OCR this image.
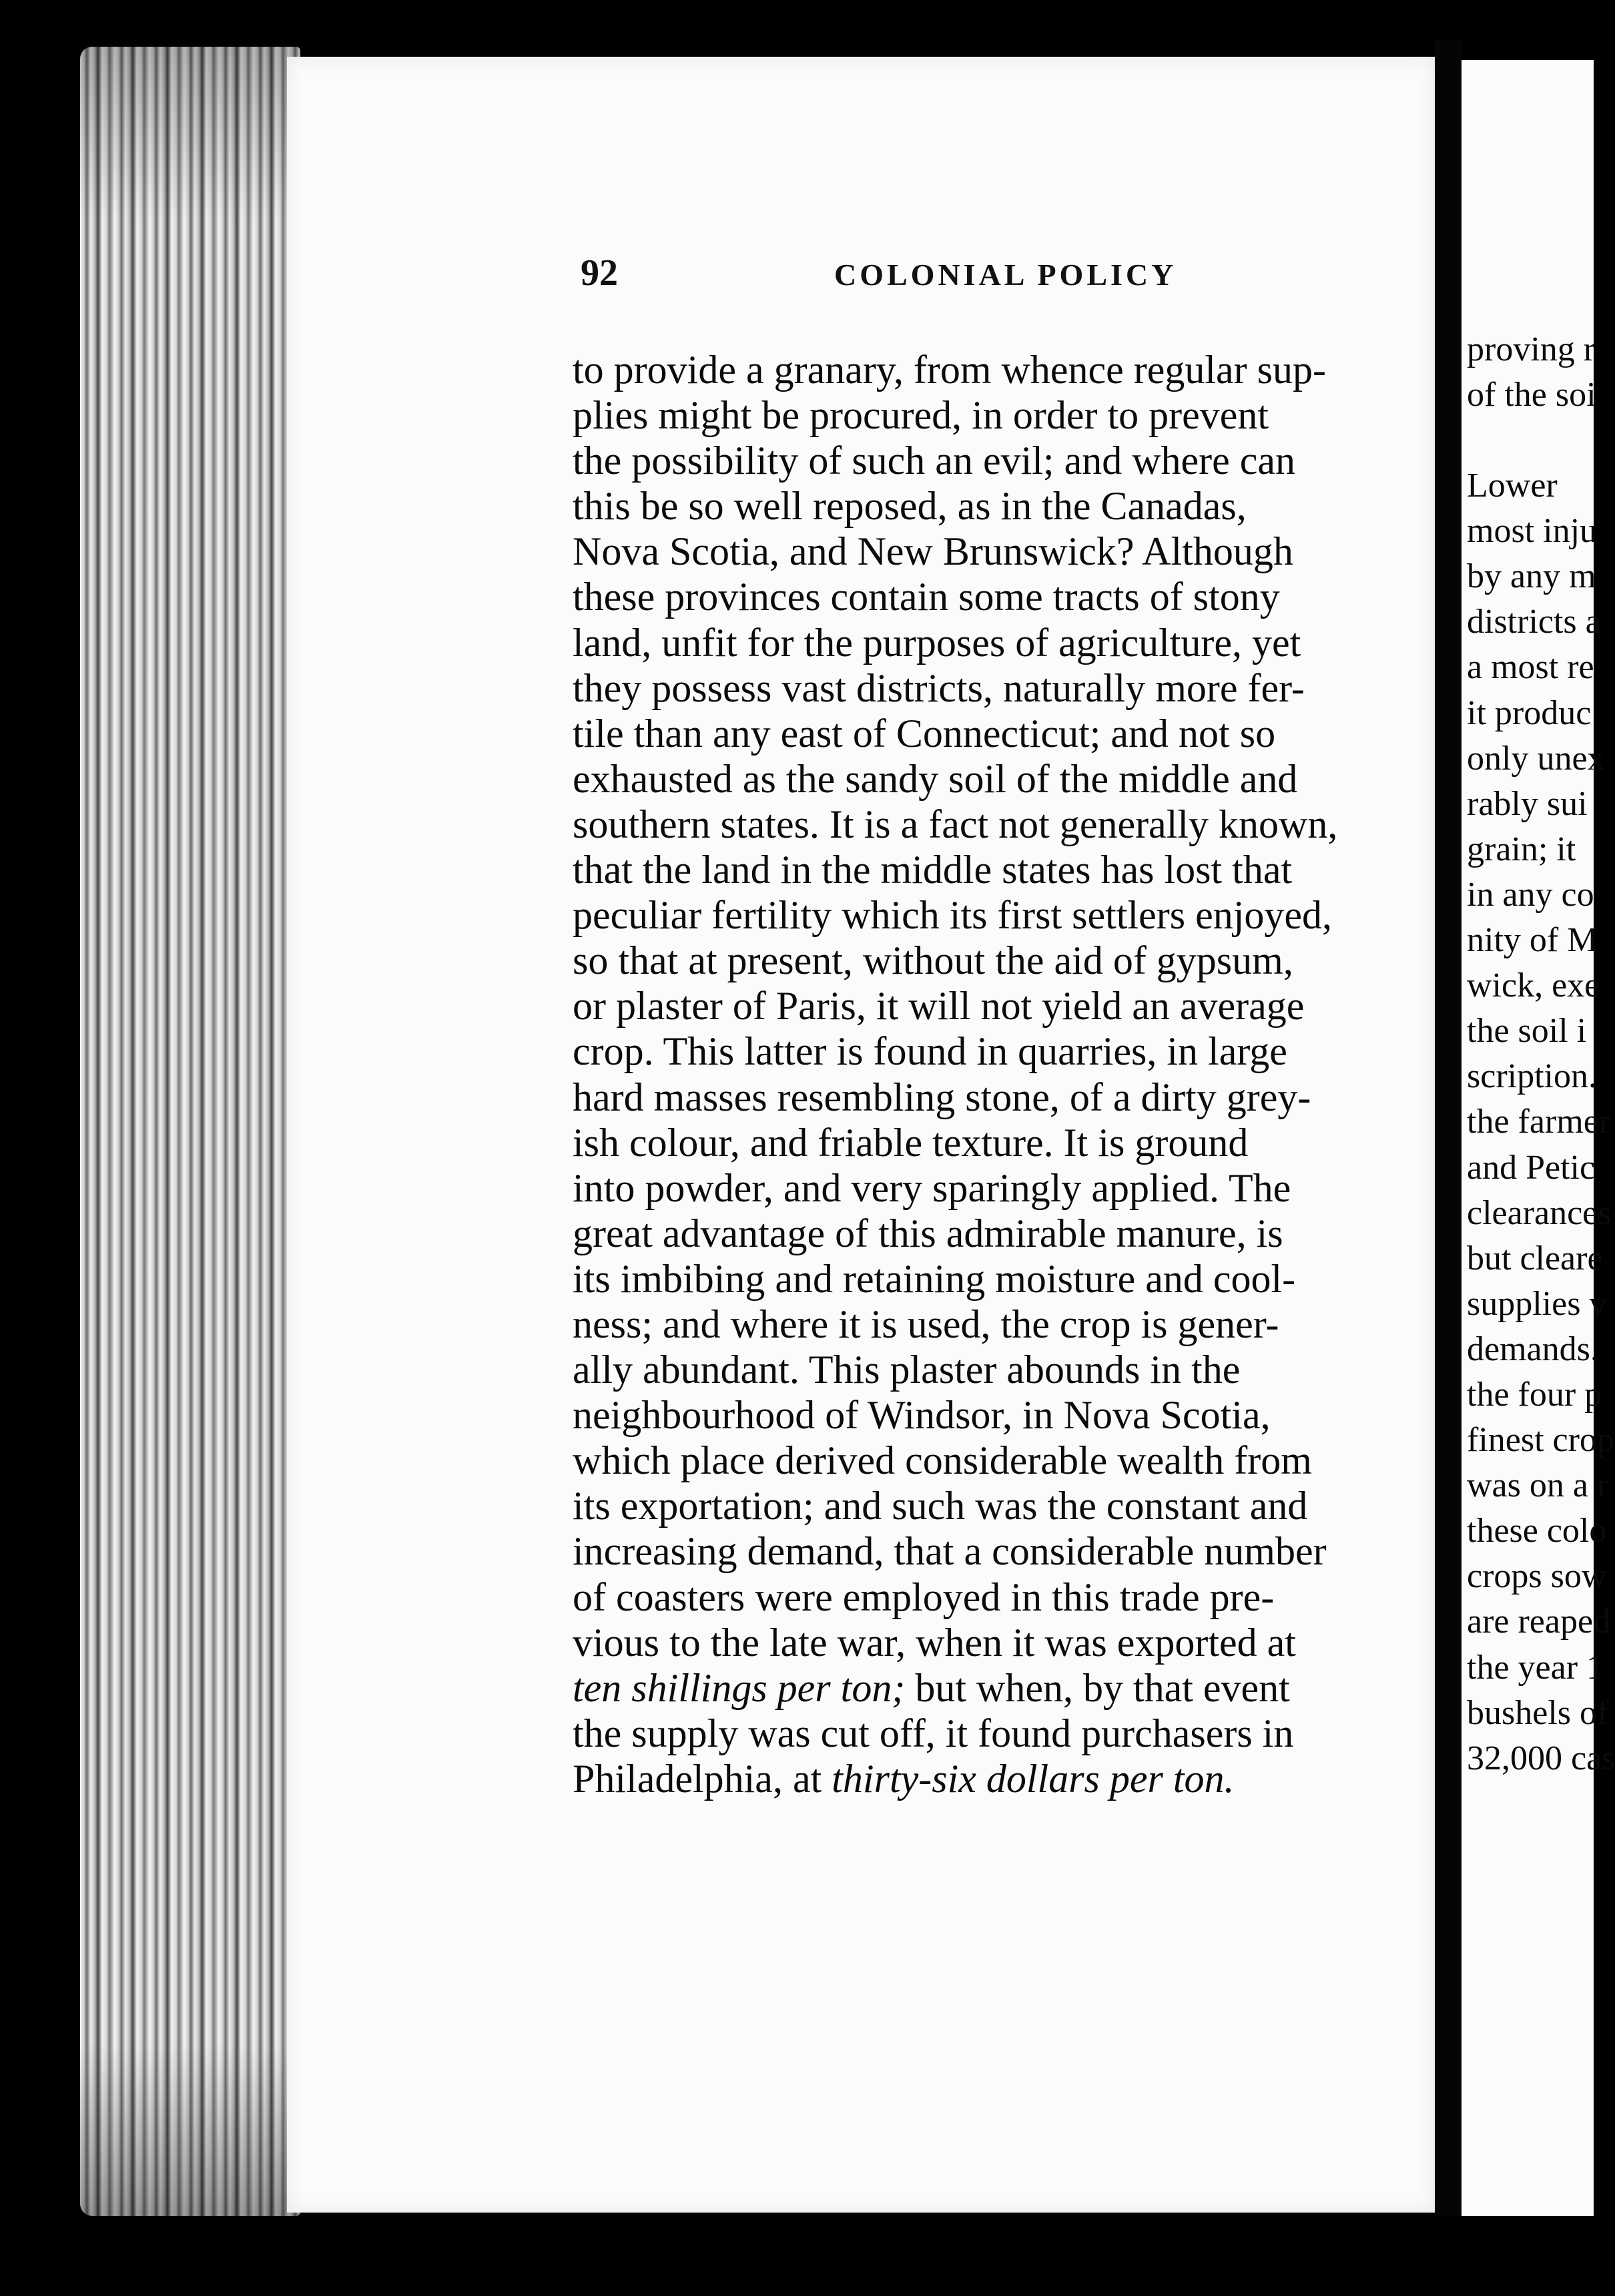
92	COLONIAL POLICY
to provide a granary, from whence regular sup-
plies might be procured, in order to prevent
the possibility of such an evil; and where can
this be so well reposed, as in the Canadas,
Nova Scotia, and New Brunswick? Although
these provinces contain some tracts of stony
land, unfit for the purposes of agriculture, yet
they possess vast districts, naturally more fer-
tile than any east of Connecticut; and not so
exhausted as the sandy soil of the middle and
southern states. It is a fact not generally known,
that the land in the middle states has lost that
peculiar fertility which its first settlers enjoyed,
so that at present, without the aid of gypsum,
or plaster of Paris, it will not yield an average
crop. This latter is found in quarries, in large
hard masses resembling stone, of a dirty grey-
ish colour, and friable texture. It is ground
into powder, and very sparingly applied. The
great advantage of this admirable manure, is
its imbibing and retaining moisture and cool-
ness; and where it is used, the crop is gener-
ally abundant. This plaster abounds in the
neighbourhood of Windsor, in Nova Scotia,
which place derived considerable wealth from
its exportation; and such was the constant and
increasing demand, that a considerable number
of coasters were employed in this trade pre-
vious to the late war, when it was exported at
ten shillings per ton; but when, by that event
the supply was cut off, it found purchasers in
Philadelphia, at thirty-six dollars per ton.
proving r
of the soi
Lower
most inju
by any m
districts a
a most re
it produc
only unex
rably sui
grain; it
in any co
nity of M
wick, exe
the soil i
scription.
the farmer
and Petic
clearances
but cleare
supplies v
demands.
the four p
finest crop
was on a r
these colo
crops sow
are reaped
the year 1
bushels of
32,000 cas
